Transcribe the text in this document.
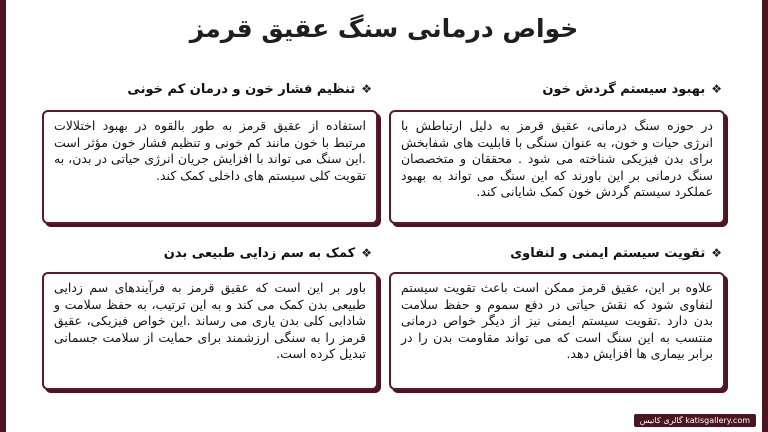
خواص درمانی سنگ عقیق قرمز
❖بهبود سیستم گردش خون
در حوزه سنگ درمانی، عقیق قرمز به دلیل ارتباطش با انرژی حیات و خون، به عنوان سنگی با قابلیت های شفابخش برای بدن فیزیکی شناخته می شود . محققان و متخصصان سنگ درمانی بر این باورند که این سنگ می تواند به بهبود عملکرد سیستم گردش خون کمک شایانی کند.
❖تنظیم فشار خون و درمان کم خونی
استفاده از عقیق قرمز به طور بالقوه در بهبود اختلالات مرتبط با خون مانند کم خونی و تنظیم فشار خون مؤثر است .این سنگ می تواند با افزایش جریان انرژی حیاتی در بدن، به تقویت کلی سیستم های داخلی کمک کند.
❖تقویت سیستم ایمنی و لنفاوی
علاوه بر این، عقیق قرمز ممکن است باعث تقویت سیستم لنفاوی شود که نقش حیاتی در دفع سموم و حفظ سلامت بدن دارد .تقویت سیستم ایمنی نیز از دیگر خواص درمانی منتسب به این سنگ است که می تواند مقاومت بدن را در برابر بیماری ها افزایش دهد.
❖کمک به سم زدایی طبیعی بدن
باور بر این است که عقیق قرمز به فرآیندهای سم زدایی طبیعی بدن کمک می کند و به این ترتیب، به حفظ سلامت و شادابی کلی بدن یاری می رساند .این خواص فیزیکی، عقیق قرمز را به سنگی ارزشمند برای حمایت از سلامت جسمانی تبدیل کرده است.
katisgallery.com گالری کاتیس
